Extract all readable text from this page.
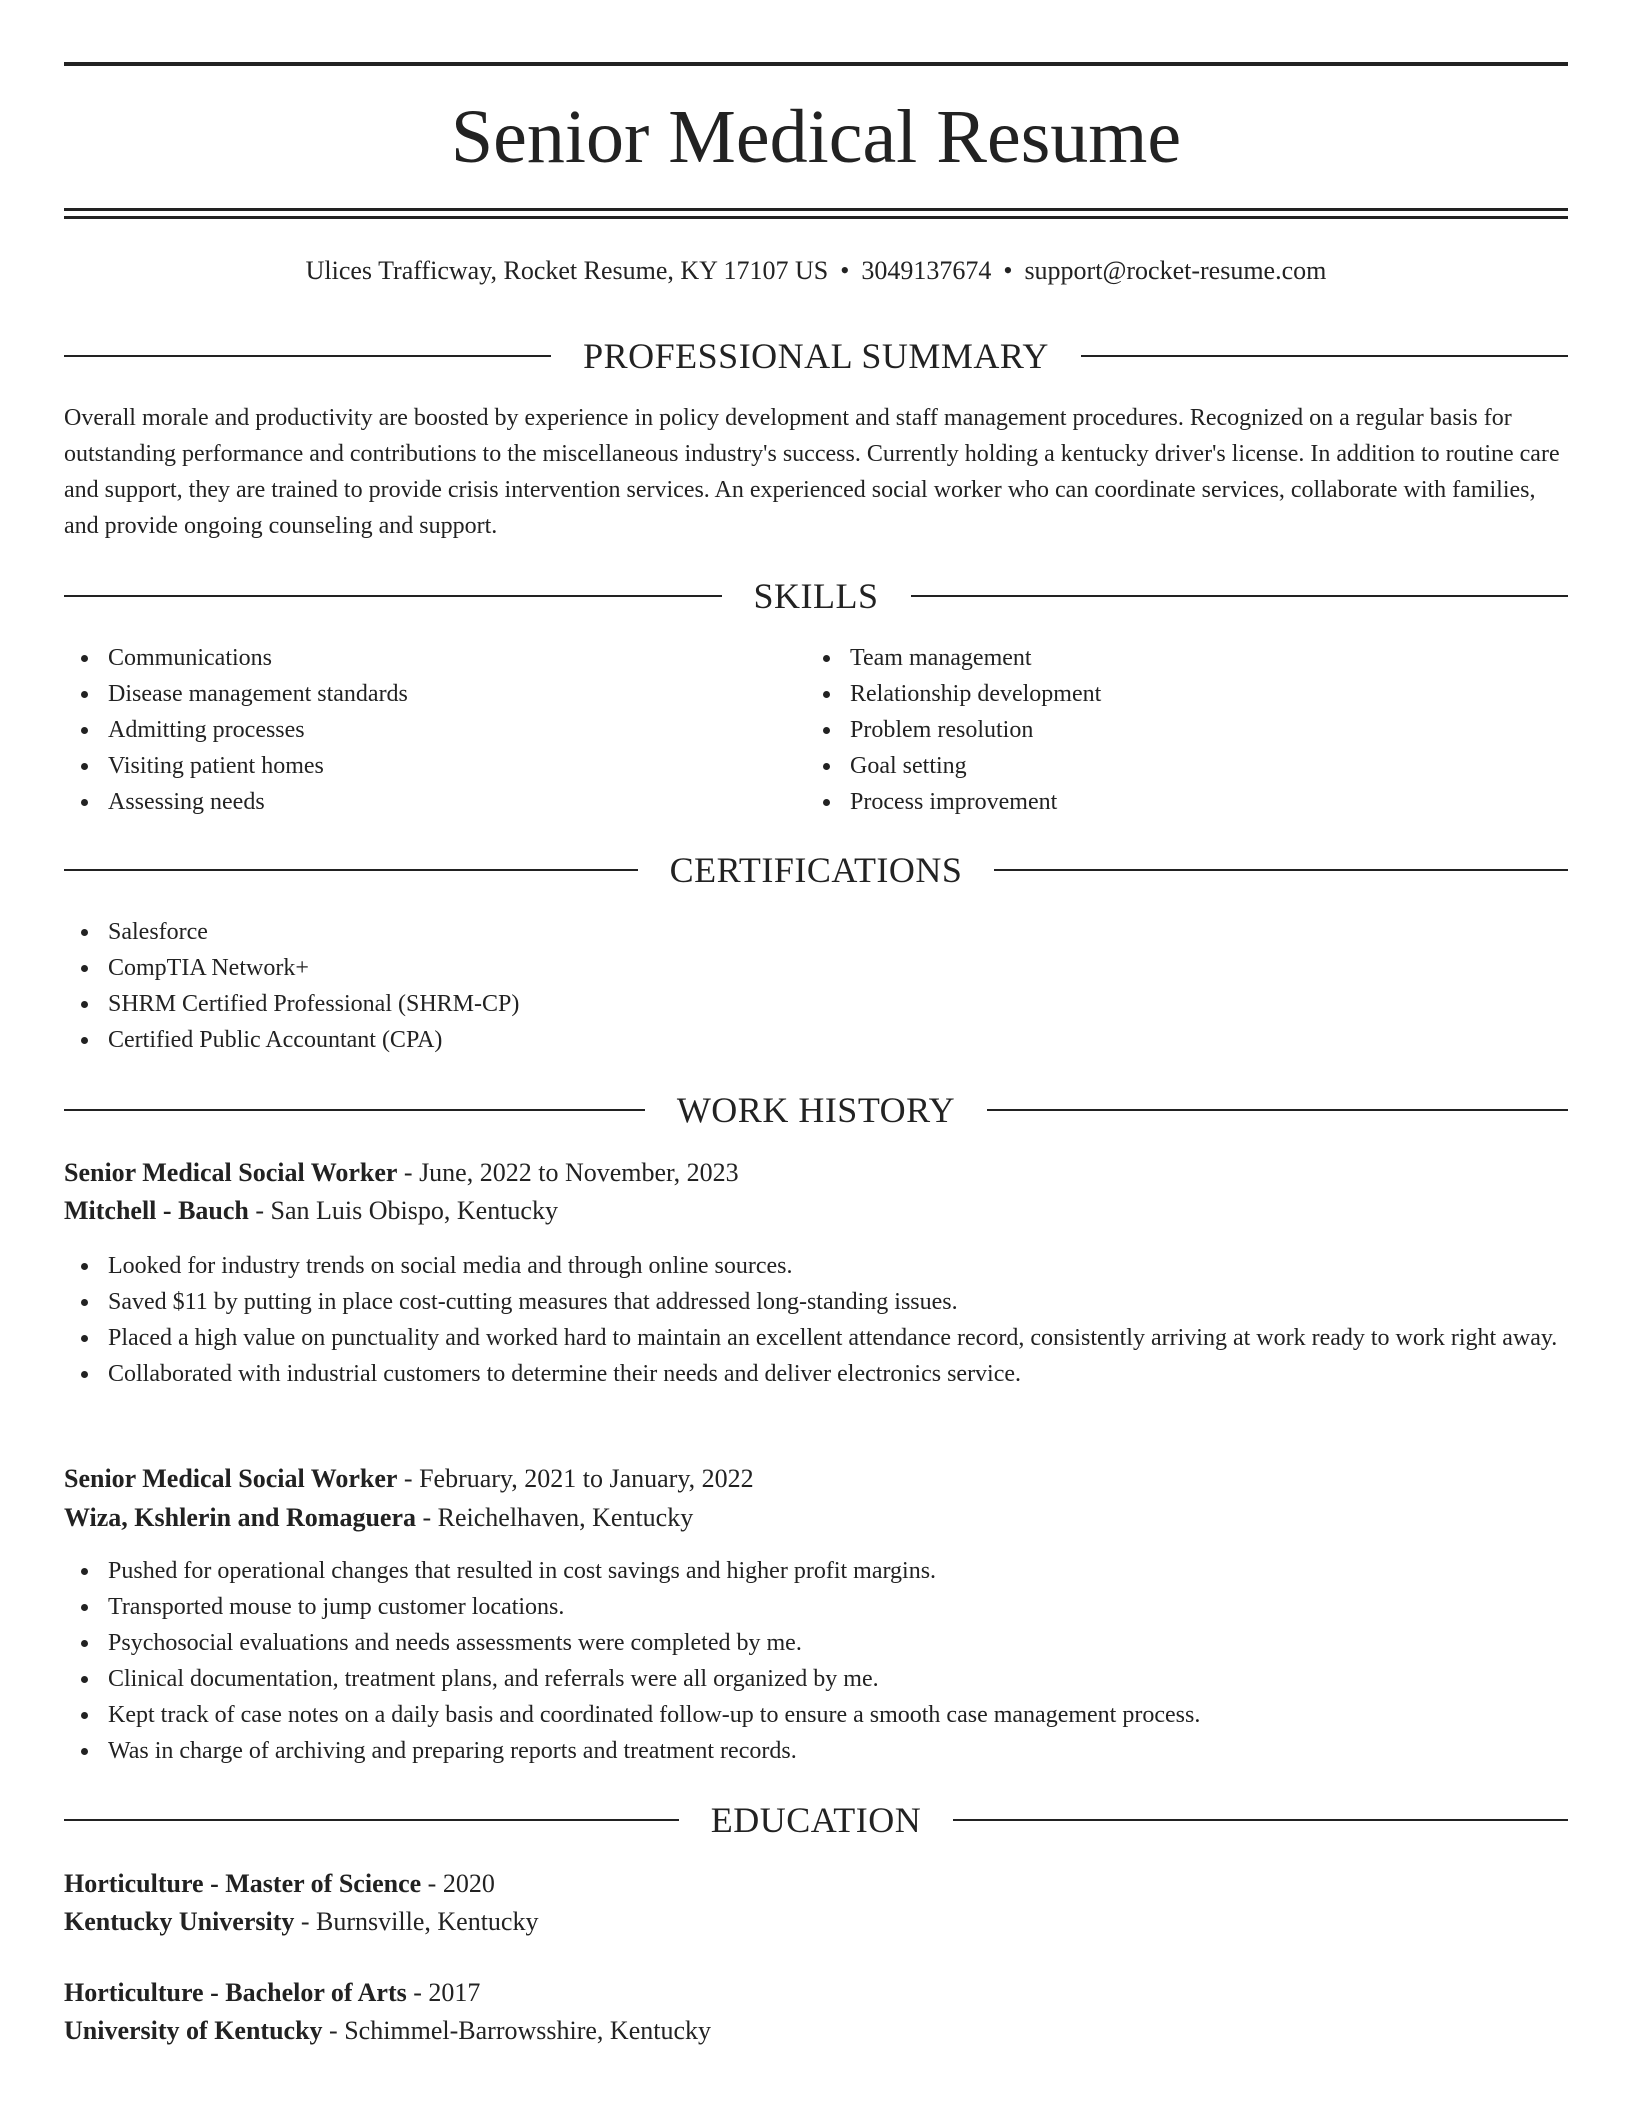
Senior Medical Resume
Ulices Trafficway, Rocket Resume, KY 17107 US • 3049137674 • support@rocket-resume.com
PROFESSIONAL SUMMARY
Overall morale and productivity are boosted by experience in policy development and staff management procedures. Recognized on a regular basis for outstanding performance and contributions to the miscellaneous industry's success. Currently holding a kentucky driver's license. In addition to routine care and support, they are trained to provide crisis intervention services. An experienced social worker who can coordinate services, collaborate with families, and provide ongoing counseling and support.
SKILLS
Communications
Disease management standards
Admitting processes
Visiting patient homes
Assessing needs
Team management
Relationship development
Problem resolution
Goal setting
Process improvement
CERTIFICATIONS
Salesforce
CompTIA Network+
SHRM Certified Professional (SHRM-CP)
Certified Public Accountant (CPA)
WORK HISTORY
Senior Medical Social Worker - June, 2022 to November, 2023
Mitchell - Bauch - San Luis Obispo, Kentucky
Looked for industry trends on social media and through online sources.
Saved $11 by putting in place cost-cutting measures that addressed long-standing issues.
Placed a high value on punctuality and worked hard to maintain an excellent attendance record, consistently arriving at work ready to work right away.
Collaborated with industrial customers to determine their needs and deliver electronics service.
Senior Medical Social Worker - February, 2021 to January, 2022
Wiza, Kshlerin and Romaguera - Reichelhaven, Kentucky
Pushed for operational changes that resulted in cost savings and higher profit margins.
Transported mouse to jump customer locations.
Psychosocial evaluations and needs assessments were completed by me.
Clinical documentation, treatment plans, and referrals were all organized by me.
Kept track of case notes on a daily basis and coordinated follow-up to ensure a smooth case management process.
Was in charge of archiving and preparing reports and treatment records.
EDUCATION
Horticulture - Master of Science - 2020
Kentucky University - Burnsville, Kentucky
Horticulture - Bachelor of Arts - 2017
University of Kentucky - Schimmel-Barrowsshire, Kentucky
